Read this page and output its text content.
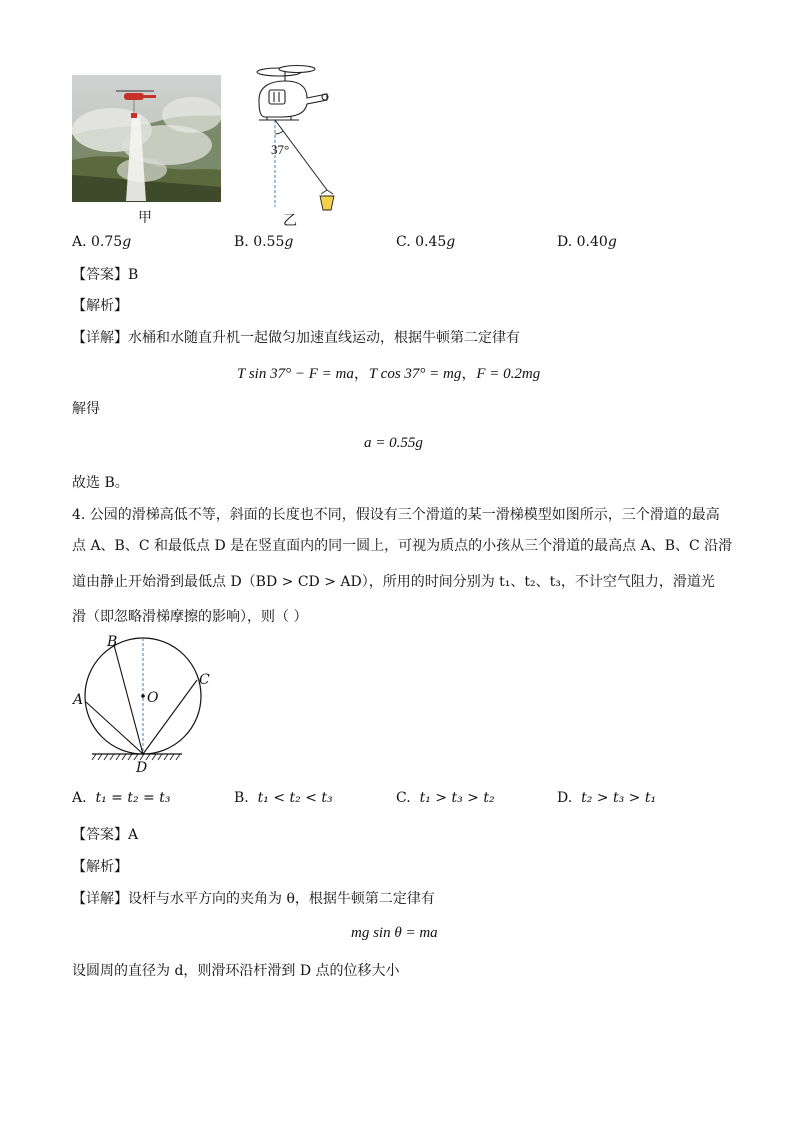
37°
甲	乙
A. 0.75g	B. 0.55g	C. 0.45g	D. 0.40g
【答案】B
【解析】
【详解】水桶和水随直升机一起做匀加速直线运动，根据牛顿第二定律有
T sin 37° − F = ma，T cos 37° = mg，F = 0.2mg
解得
a = 0.55g
故选 B。
4. 公园的滑梯高低不等，斜面的长度也不同，假设有三个滑道的某一滑梯模型如图所示，三个滑道的最高
点 A、B、C 和最低点 D 是在竖直面内的同一圆上，可视为质点的小孩从三个滑道的最高点 A、B、C 沿滑
道由静止开始滑到最低点 D（BD > CD > AD），所用的时间分别为 t₁、t₂、t₃，不计空气阻力，滑道光
滑（即忽略滑梯摩擦的影响），则（ ）
B
A
C
O
D
A. t₁ = t₂ = t₃	B. t₁ < t₂ < t₃	C. t₁ > t₃ > t₂	D. t₂ > t₃ > t₁
【答案】A
【解析】
【详解】设杆与水平方向的夹角为 θ，根据牛顿第二定律有
mg sin θ = ma
设圆周的直径为 d，则滑环沿杆滑到 D 点的位移大小
